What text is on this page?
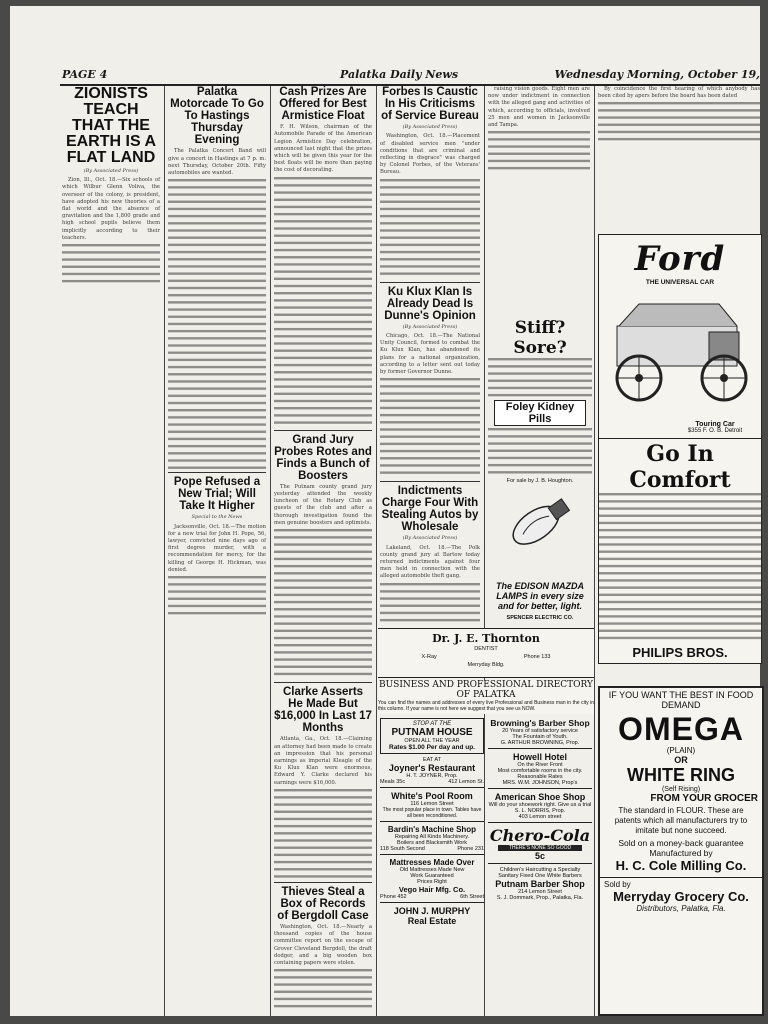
PAGE 4	Palatka Daily News	Wednesday Morning, October 19,
ZIONISTS TEACH THAT THE EARTH IS A FLAT LAND
(By Associated Press)

Zion, Ill., Oct. 18.—Six schools of which Wilbur Glenn Voliva, the overseer of the colony, is president, have adopted his new theories of a flat world and the absence of gravitation and the 1,800 grade and high school pupils believe them implicitly according to their teachers.

Palatka Motorcade To Go To Hastings Thursday Evening

The Palatka Concert Band will give a concert in Hastings at 7 p. m. next Thursday, October 20th. Fifty automobiles are wanted.

Pope Refused a New Trial; Will Take It Higher
Special to the News

Jacksonville, Oct. 18.—The motion for a new trial for John H. Pope, 56, lawyer, convicted nine days ago of first degree murder, with a recommendation for mercy, for the killing of George H. Hickman, was denied.

Cash Prizes Are Offered for Best Armistice Float

F. H. Wilson, chairman of the Automobile Parade of the American Legion Armistice Day celebration, announced last night that the prizes which will be given this year for the best floats will be more than paying the cost of decorating.

Grand Jury Probes Rotes and Finds a Bunch of Boosters

The Putnam county grand jury yesterday attended the weekly luncheon of the Rotary Club as guests of the club and after a thorough investigation found the men genuine boosters and optimists.

Clarke Asserts He Made But $16,000 In Last 17 Months

Atlanta, Ga., Oct. 18.—Claiming an attorney had been made to create an impression that his personal earnings as imperial Kleagle of the Ku Klux Klan were enormous, Edward Y. Clarke declared his earnings were $16,000.

Thieves Steal a Box of Records of Bergdoll Case

Washington, Oct. 18.—Nearly a thousand copies of the house committee report on the escape of Grover Cleveland Bergdoll, the draft dodger, and a big wooden box containing papers were stolen.

Forbes Is Caustic In His Criticisms of Service Bureau
(By Associated Press)

Washington, Oct. 18.—Placement of disabled service men "under conditions that are criminal and reflecting in disgrace" was charged by Colonel Forbes, of the Veterans' Bureau.

Ku Klux Klan Is Already Dead Is Dunne's Opinion
(By Associated Press)

Chicago, Oct. 18.—The National Unity Council, formed to combat the Ku Klux Klan, has abandoned its plans for a national organization, according to a letter sent out today by former Governor Dunne.

Indictments Charge Four With Stealing Autos by Wholesale
(By Associated Press)

Lakeland, Oct. 18.—The Polk county grand jury at Bartow today returned indictments against four men held in connection with the alleged automobile theft gang.

raising vision goods. Eight men are now under indictment in connection with the alleged gang and activities of which, according to officials, involved 25 men and women in Jacksonville and Tampa.

Stiff? Sore?
Foley Kidney Pills
For sale by J. B. Houghton.
The EDISON MAZDA LAMPS in every size and for better, light.
SPENCER ELECTRIC CO.

By coincidence the first hearing of which anybody has been cited by apers before the board has been dated

Ford
THE UNIVERSAL CAR
Touring Car
$355 F. O. B. Detroit
Go In Comfort
PHILIPS BROS.
Dr. J. E. Thornton
DENTIST
X-Ray	Phone 133
Merryday Bldg.
BUSINESS AND PROFESSIONAL DIRECTORY OF PALATKA
You can find the names and addresses of every live Professional and Business man in the city in this column. If your name is not here we suggest that you see us NOW.
STOP AT THE
PUTNAM HOUSE
OPEN ALL THE YEAR
Rates $1.00 Per day and up.
EAT AT
Joyner's Restaurant
H. T. JOYNER, Prop.
Meals 35c	412 Lemon St.
White's Pool Room
116 Lemon Street
The most popular place in town. Tables have all been reconditioned.
Bardin's Machine Shop
Repairing All Kinds Machinery.
Boilers and Blacksmith Work
118 South Second	Phone 231
Mattresses Made Over
Old Mattresses Made New
Work Guaranteed
Prices Right
Vego Hair Mfg. Co.
Phone 452	6th Street
JOHN J. MURPHY
Real Estate
Browning's Barber Shop
20 Years of satisfactory service
The Fountain of Youth.
G. ARTHUR BROWNING, Prop.
Howell Hotel
On the River Front
Most comfortable rooms in the city.
Reasonable Rates
MRS. W.M. JOHNSON, Prop's
American Shoe Shop
Will do your shoework right. Give us a trial
S. L. NORRIS, Prop.
403 Lemon street
Chero-Cola
THERE'S NONE SO GOOD
5c
Children's Haircutting a Specialty
Sanitary Fixed One White Barbers
Putnam Barber Shop
214 Lemon Street
S. J. Dommark, Prop., Palatka, Fla.
IF YOU WANT THE BEST IN FOOD DEMAND
OMEGA
(PLAIN)
OR
WHITE RING
(Self Rising)
FROM YOUR GROCER
The standard in FLOUR. These are patents which all manufacturers try to imitate but none succeed.
Sold on a money-back guarantee
Manufactured by
H. C. Cole Milling Co.
Sold by
Merryday Grocery Co.
Distributors, Palatka, Fla.
